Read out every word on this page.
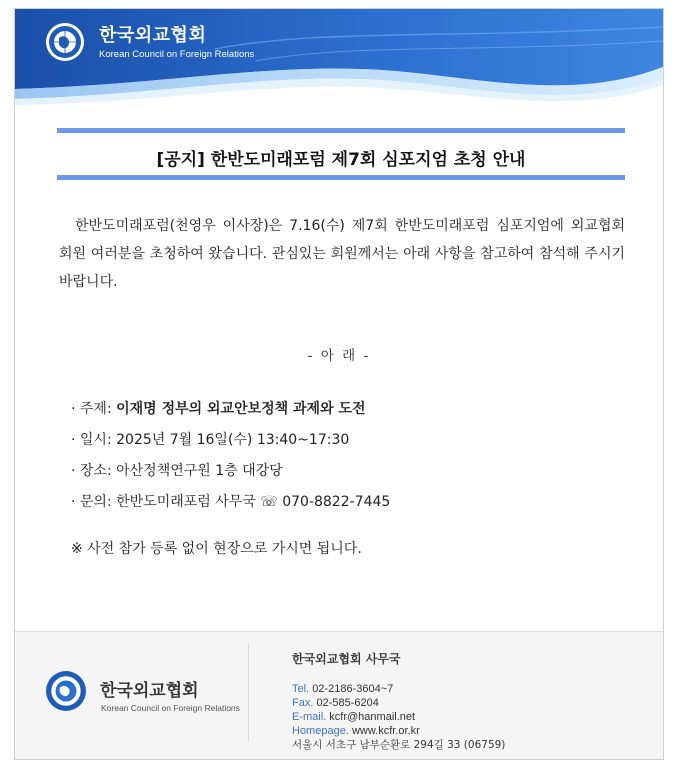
한국외교협회
Korean Council on Foreign Relations
[공지] 한반도미래포럼 제7회 심포지엄 초청 안내
한반도미래포럼(천영우 이사장)은 7.16(수) 제7회 한반도미래포럼 심포지엄에 외교협회 회원 여러분을 초청하여 왔습니다. 관심있는 회원께서는 아래 사항을 참고하여 참석해 주시기 바랍니다.
- 아 래 -
· 주제: 이재명 정부의 외교안보정책 과제와 도전
· 일시: 2025년 7월 16일(수) 13:40~17:30
· 장소: 아산정책연구원 1층 대강당
· 문의: 한반도미래포럼 사무국 ☏ 070-8822-7445
※ 사전 참가 등록 없이 현장으로 가시면 됩니다.
한국외교협회
Korean Council on Foreign Relations
한국외교협회 사무국
Tel. 02-2186-3604~7
Fax. 02-585-6204
E-mail. kcfr@hanmail.net
Homepage. www.kcfr.or.kr
서울시 서초구 남부순환로 294길 33 (06759)
